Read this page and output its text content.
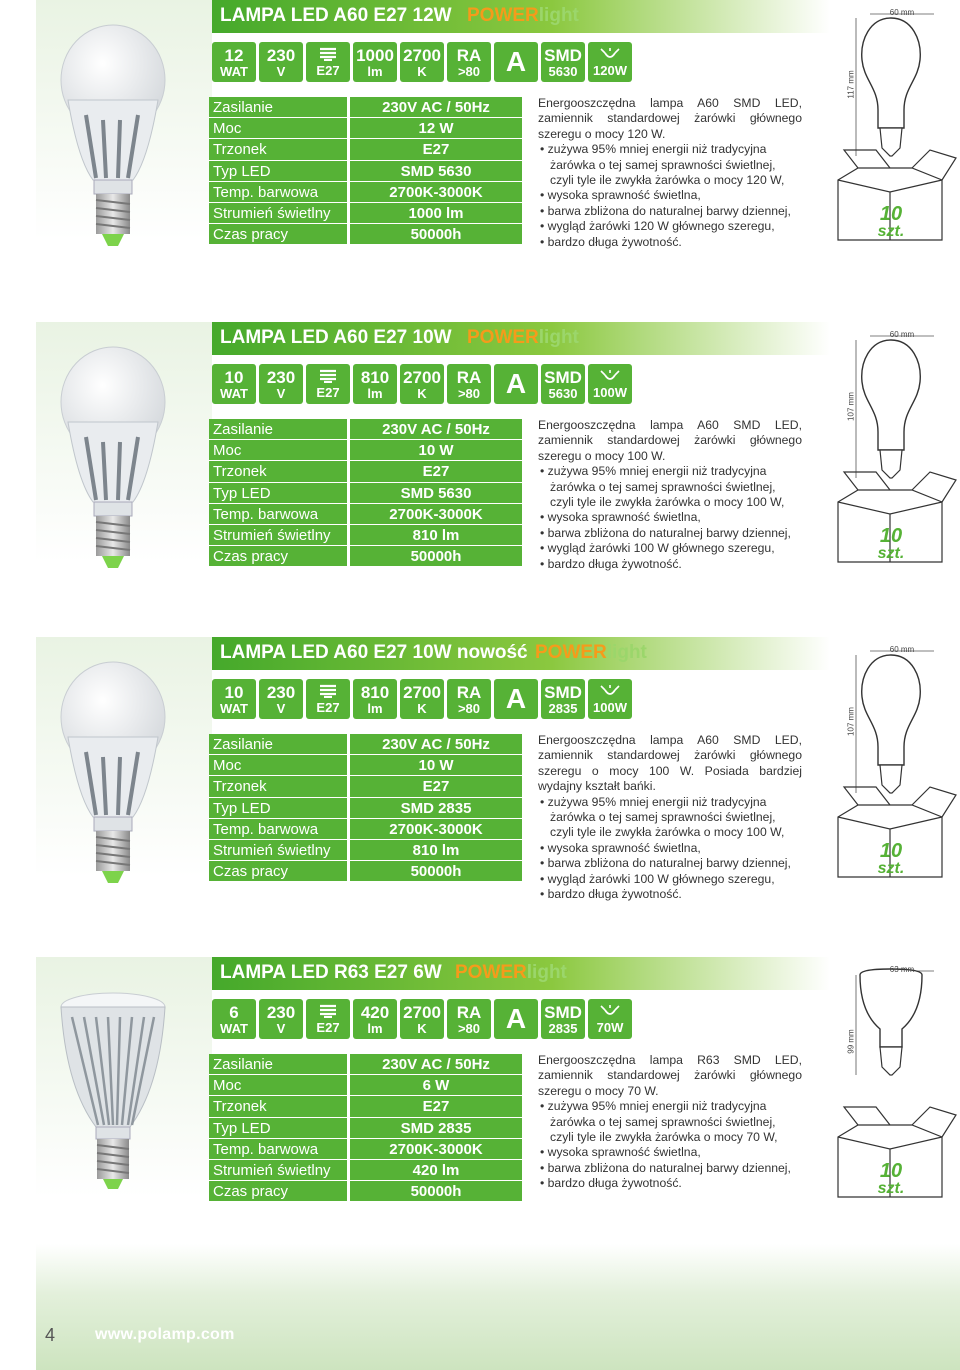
LAMPA LED A60 E27 12W POWERlight
12
WAT
230
V	E27
1000
lm
2700
K
RA
>80 A	SMD
5630	120W
Zasilanie	230V AC / 50Hz
Moc	12 W
Trzonek	E27
Typ LED	SMD 5630
Temp. barwowa	2700K-3000K
Strumień świetlny	1000 lm
Czas pracy	50000h

Energooszczędna lampa A60 SMD LED, zamiennik standardowej żarówki głównego szeregu o mocy 120 W.

• zużywa 95% mniej energii niż tradycyjna żarówka o tej samej sprawności świetlnej, czyli tyle ile zwykła żarówka o mocy 120 W,
• wysoka sprawność świetlna,
• barwa zbliżona do naturalnej barwy dziennej,
• wygląd żarówki 120 W głównego szeregu,
• bardzo długa żywotność.
60 mm
117 mm
10
szt.
LAMPA LED A60 E27 10W POWERlight
10
WAT
230
V	E27
810
lm
2700
K
RA
>80 A	SMD
5630	100W
Zasilanie	230V AC / 50Hz
Moc	10 W
Trzonek	E27
Typ LED	SMD 5630
Temp. barwowa	2700K-3000K
Strumień świetlny	810 lm
Czas pracy	50000h

Energooszczędna lampa A60 SMD LED, zamiennik standardowej żarówki głównego szeregu o mocy 100 W.

• zużywa 95% mniej energii niż tradycyjna żarówka o tej samej sprawności świetlnej, czyli tyle ile zwykła żarówka o mocy 100 W,
• wysoka sprawność świetlna,
• barwa zbliżona do naturalnej barwy dziennej,
• wygląd żarówki 100 W głównego szeregu,
• bardzo długa żywotność.
60 mm
107 mm
10
szt.
LAMPA LED A60 E27 10W nowość POWERlight
10
WAT
230
V	E27
810
lm
2700
K
RA
>80 A	SMD
2835	100W
Zasilanie	230V AC / 50Hz
Moc	10 W
Trzonek	E27
Typ LED	SMD 2835
Temp. barwowa	2700K-3000K
Strumień świetlny	810 lm
Czas pracy	50000h

Energooszczędna lampa A60 SMD LED, zamiennik standardowej żarówki głównego szeregu o mocy 100 W. Posiada bardziej wydajny kształt bańki.

• zużywa 95% mniej energii niż tradycyjna żarówka o tej samej sprawności świetlnej, czyli tyle ile zwykła żarówka o mocy 100 W,
• wysoka sprawność świetlna,
• barwa zbliżona do naturalnej barwy dziennej,
• wygląd żarówki 100 W głównego szeregu,
• bardzo długa żywotność.
60 mm
107 mm
10
szt.
LAMPA LED R63 E27 6W POWERlight
6
WAT
230
V	E27
420
lm
2700
K
RA
>80 A	SMD
2835	70W
Zasilanie	230V AC / 50Hz
Moc	6 W
Trzonek	E27
Typ LED	SMD 2835
Temp. barwowa	2700K-3000K
Strumień świetlny	420 lm
Czas pracy	50000h

Energooszczędna lampa R63 SMD LED, zamiennik standardowej żarówki głównego szeregu o mocy 70 W.

• zużywa 95% mniej energii niż tradycyjna żarówka o tej samej sprawności świetlnej, czyli tyle ile zwykła żarówka o mocy 70 W,
• wysoka sprawność świetlna,
• barwa zbliżona do naturalnej barwy dziennej,
• bardzo długa żywotność.
63 mm
99 mm
10
szt.
4 www.polamp.com
